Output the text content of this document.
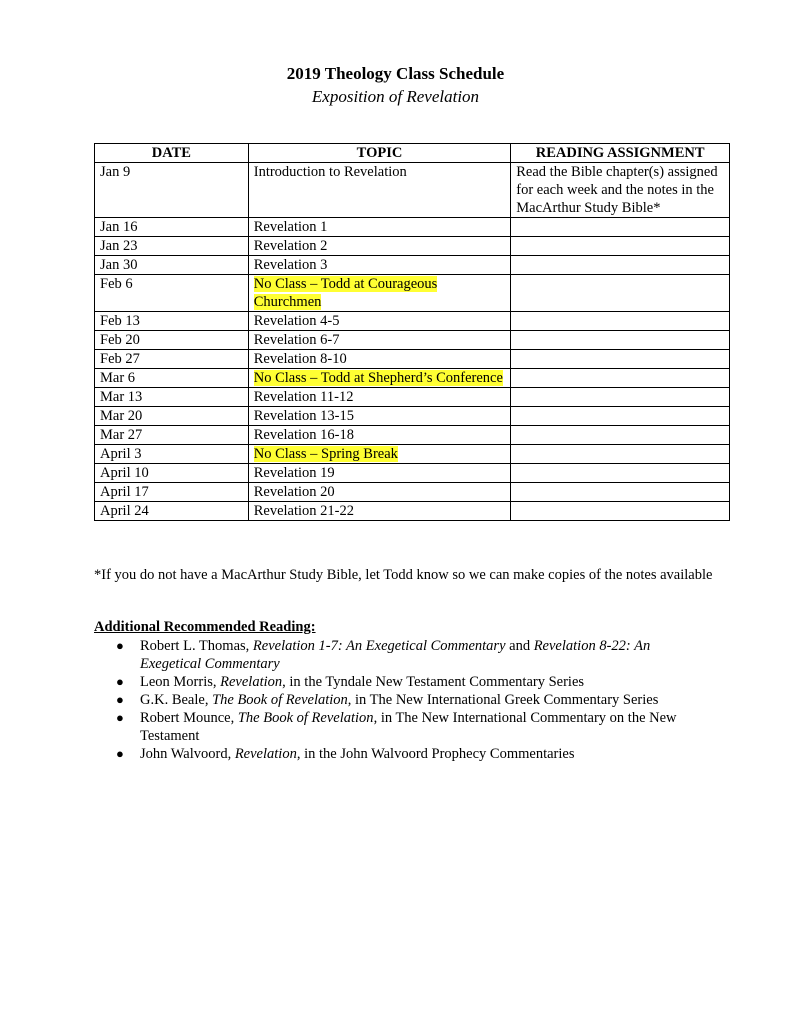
2019 Theology Class Schedule
Exposition of Revelation
DATE	TOPIC	READING ASSIGNMENT
Jan 9	Introduction to Revelation	Read the Bible chapter(s) assigned for each week and the notes in the MacArthur Study Bible*
Jan 16	Revelation 1	
Jan 23	Revelation 2	
Jan 30	Revelation 3	
Feb 6	No Class – Todd at Courageous Churchmen	
Feb 13	Revelation 4-5	
Feb 20	Revelation 6-7	
Feb 27	Revelation 8-10	
Mar 6	No Class – Todd at Shepherd’s Conference	
Mar 13	Revelation 11-12	
Mar 20	Revelation 13-15	
Mar 27	Revelation 16-18	
April 3	No Class – Spring Break	
April 10	Revelation 19	
April 17	Revelation 20	
April 24	Revelation 21-22	
*If you do not have a MacArthur Study Bible, let Todd know so we can make copies of the notes available
Additional Recommended Reading:
● Robert L. Thomas, Revelation 1-7: An Exegetical Commentary and Revelation 8-22: An Exegetical Commentary
● Leon Morris, Revelation, in the Tyndale New Testament Commentary Series
● G.K. Beale, The Book of Revelation, in The New International Greek Commentary Series
● Robert Mounce, The Book of Revelation, in The New International Commentary on the New Testament
● John Walvoord, Revelation, in the John Walvoord Prophecy Commentaries
